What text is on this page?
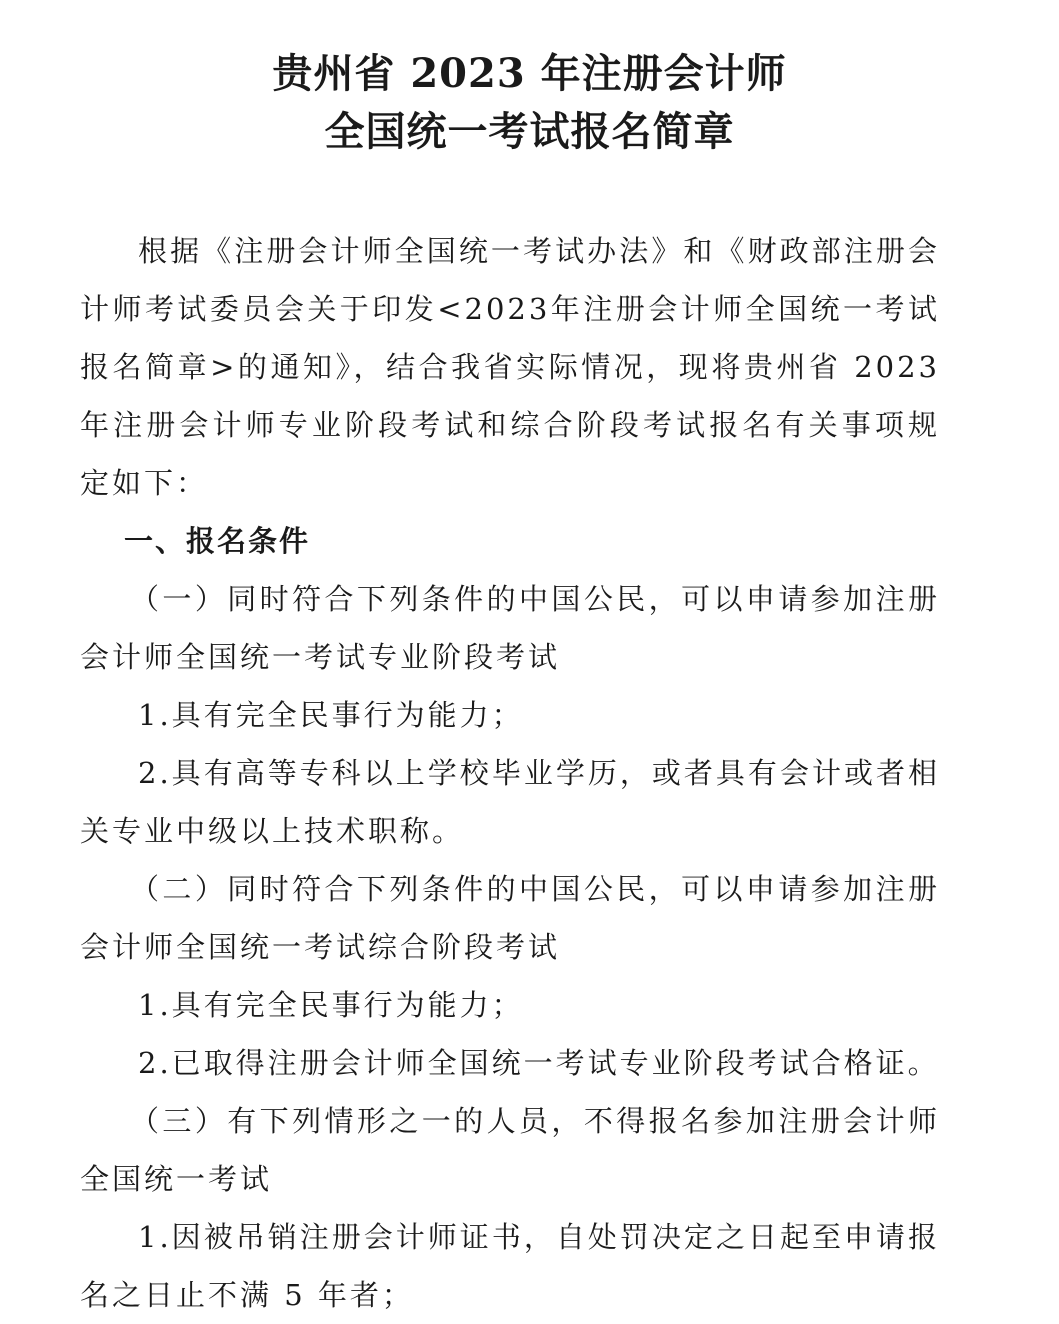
贵州省 2023 年注册会计师
全国统一考试报名简章

根据《注册会计师全国统一考试办法》和《财政部注册会计师考试委员会关于印发<2023年注册会计师全国统一考试报名简章>的通知》，结合我省实际情况，现将贵州省 2023 年注册会计师专业阶段考试和综合阶段考试报名有关事项规定如下：

一、报名条件

（一）同时符合下列条件的中国公民，可以申请参加注册会计师全国统一考试专业阶段考试

1.具有完全民事行为能力；

2.具有高等专科以上学校毕业学历，或者具有会计或者相关专业中级以上技术职称。

（二）同时符合下列条件的中国公民，可以申请参加注册会计师全国统一考试综合阶段考试

1.具有完全民事行为能力；

2.已取得注册会计师全国统一考试专业阶段考试合格证。

（三）有下列情形之一的人员，不得报名参加注册会计师全国统一考试

1.因被吊销注册会计师证书，自处罚决定之日起至申请报名之日止不满 5 年者；
